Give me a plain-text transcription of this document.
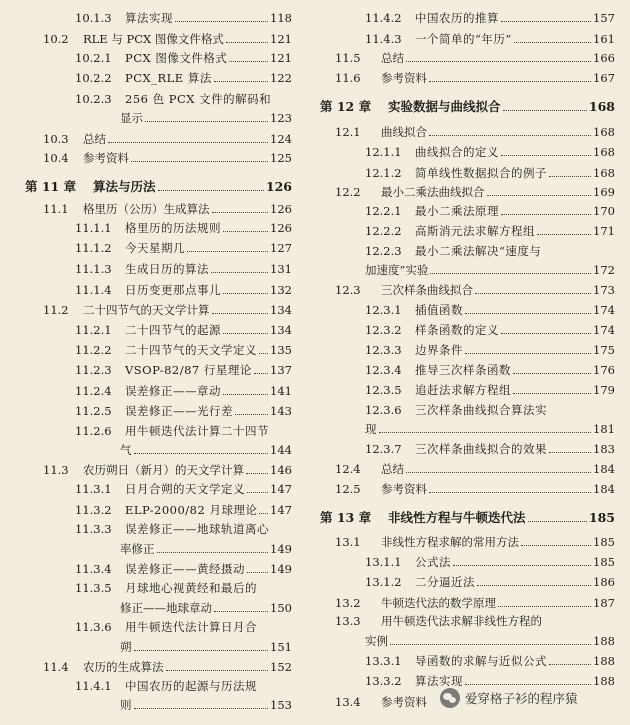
10.1.3	算法实现	118
10.2	RLE 与 PCX 图像文件格式	121
10.2.1	PCX 图像文件格式	121
10.2.2	PCX_RLE 算法	122
10.2.3	256 色 PCX 文件的解码和
显示	123
10.3	总结	124
10.4	参考资料	125
第 11 章	算法与历法	126
11.1	格里历（公历）生成算法	126
11.1.1	格里历的历法规则	126
11.1.2	今天星期几	127
11.1.3	生成日历的算法	131
11.1.4	日历变更那点事儿	132
11.2	二十四节气的天文学计算	134
11.2.1	二十四节气的起源	134
11.2.2	二十四节气的天文学定义 135
11.2.3	VSOP-82/87 行星理论 137
11.2.4	误差修正——章动	141
11.2.5	误差修正——光行差	143
11.2.6	用牛顿迭代法计算二十四节
气	144
11.3	农历朔日（新月）的天文学计算 146
11.3.1	日月合朔的天文学定义 147
11.3.2	ELP-2000/82 月球理论 147
11.3.3	误差修正——地球轨道离心
率修正	149
11.3.4	误差修正——黄经摄动 149
11.3.5	月球地心视黄经和最后的
修正——地球章动	150
11.3.6	用牛顿迭代法计算日月合
朔	151
11.4	农历的生成算法	152
11.4.1	中国农历的起源与历法规
则	153
11.4.2	中国农历的推算	157
11.4.3	一个简单的“年历”	161
11.5	总结	166
11.6	参考资料	167
第 12 章	实验数据与曲线拟合	168
12.1	曲线拟合	168
12.1.1	曲线拟合的定义	168
12.1.2	简单线性数据拟合的例子	168
12.2	最小二乘法曲线拟合	169
12.2.1	最小二乘法原理	170
12.2.2	高斯消元法求解方程组	171
12.2.3	最小二乘法解决“速度与
加速度”实验	172
12.3	三次样条曲线拟合	173
12.3.1	插值函数	174
12.3.2	样条函数的定义	174
12.3.3	边界条件	175
12.3.4	推导三次样条函数	176
12.3.5	追赶法求解方程组	179
12.3.6	三次样条曲线拟合算法实
现	181
12.3.7	三次样条曲线拟合的效果	183
12.4	总结	184
12.5	参考资料	184
第 13 章	非线性方程与牛顿迭代法	185
13.1	非线性方程求解的常用方法	185
13.1.1	公式法	185
13.1.2	二分逼近法	186
13.2	牛顿迭代法的数学原理	187
13.3	用牛顿迭代法求解非线性方程的
实例	188
13.3.1	导函数的求解与近似公式	188
13.3.2	算法实现	188
13.4	参考资料	爱穿格子衫的程序猿
